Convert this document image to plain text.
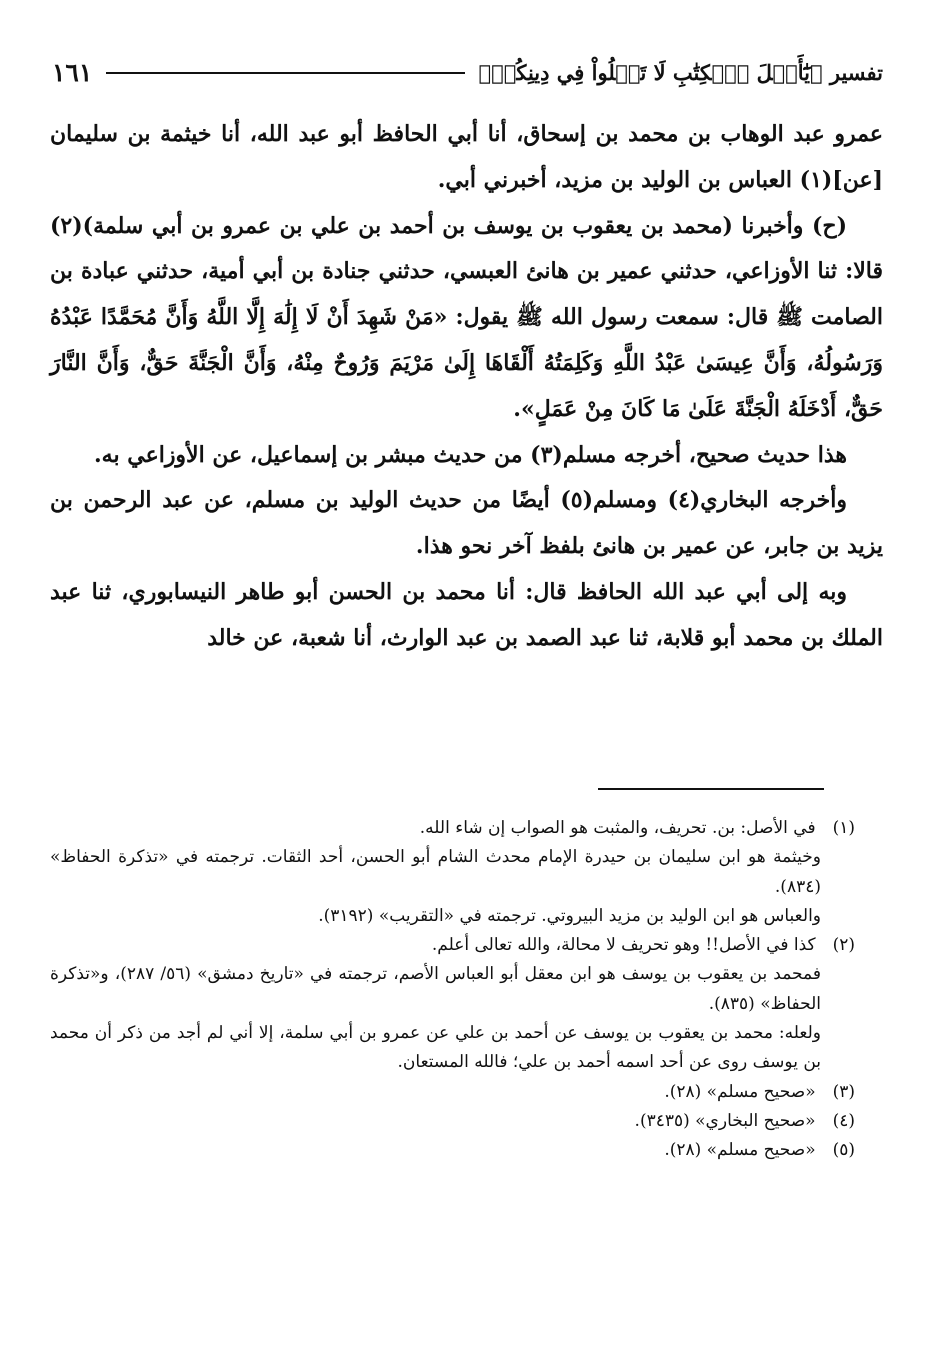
١٦١	تفسير ﴿يَٰٓأَهۡلَ ٱلۡكِتَٰبِ لَا تَغۡلُواْ فِي دِينِكُمۡ﴾

عمرو عبد الوهاب بن محمد بن إسحاق، أنا أبي الحافظ أبو عبد الله، أنا خيثمة بن سليمان [عن](١) العباس بن الوليد بن مزيد، أخبرني أبي.

(ح) وأخبرنا (محمد بن يعقوب بن يوسف بن أحمد بن علي بن عمرو بن أبي سلمة)(٢) قالا: ثنا الأوزاعي، حدثني عمير بن هانئ العبسي، حدثني جنادة بن أبي أمية، حدثني عبادة بن الصامت ﷺ قال: سمعت رسول الله ﷺ يقول: «مَنْ شَهِدَ أَنْ لَا إِلَٰهَ إِلَّا اللَّهُ وَأَنَّ مُحَمَّدًا عَبْدُهُ وَرَسُولُهُ، وَأَنَّ عِيسَىٰ عَبْدُ اللَّهِ وَكَلِمَتُهُ أَلْقَاهَا إِلَىٰ مَرْيَمَ وَرُوحٌ مِنْهُ، وَأَنَّ الْجَنَّةَ حَقٌّ، وَأَنَّ النَّارَ حَقٌّ، أَدْخَلَهُ الْجَنَّةَ عَلَىٰ مَا كَانَ مِنْ عَمَلٍ».

هذا حديث صحيح، أخرجه مسلم(٣) من حديث مبشر بن إسماعيل، عن الأوزاعي به.

وأخرجه البخاري(٤) ومسلم(٥) أيضًا من حديث الوليد بن مسلم، عن عبد الرحمن بن يزيد بن جابر، عن عمير بن هانئ بلفظ آخر نحو هذا.

وبه إلى أبي عبد الله الحافظ قال: أنا محمد بن الحسن أبو طاهر النيسابوري، ثنا عبد الملك بن محمد أبو قلابة، ثنا عبد الصمد بن عبد الوارث، أنا شعبة، عن خالد

(١) في الأصل: بن. تحريف، والمثبت هو الصواب إن شاء الله.

وخيثمة هو ابن سليمان بن حيدرة الإمام محدث الشام أبو الحسن، أحد الثقات. ترجمته في «تذكرة الحفاظ» (٨٣٤).

والعباس هو ابن الوليد بن مزيد البيروتي. ترجمته في «التقريب» (٣١٩٢).

(٢) كذا في الأصل!! وهو تحريف لا محالة، والله تعالى أعلم.

فمحمد بن يعقوب بن يوسف هو ابن معقل أبو العباس الأصم، ترجمته في «تاريخ دمشق» (٥٦/ ٢٨٧)، و«تذكرة الحفاظ» (٨٣٥).

ولعله: محمد بن يعقوب بن يوسف عن أحمد بن علي عن عمرو بن أبي سلمة، إلا أني لم أجد من ذكر أن محمد بن يوسف روى عن أحد اسمه أحمد بن علي؛ فالله المستعان.

(٣) «صحيح مسلم» (٢٨).

(٤) «صحيح البخاري» (٣٤٣٥).

(٥) «صحيح مسلم» (٢٨).
